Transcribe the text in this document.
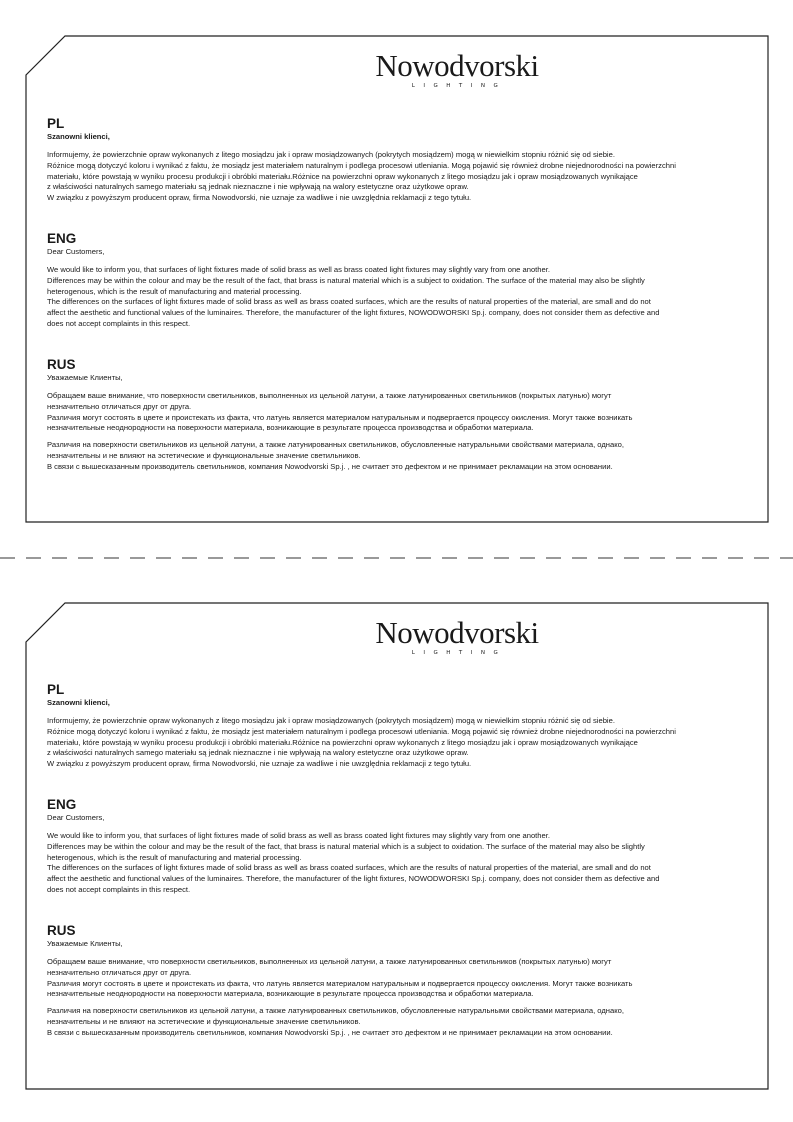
Nowodvorski
LIGHTING
PL
Szanowni klienci,
Informujemy, że powierzchnie opraw wykonanych z litego mosiądzu jak i opraw mosiądzowanych (pokrytych mosiądzem) mogą w niewielkim stopniu różnić się od siebie.
Różnice mogą dotyczyć koloru i wynikać z faktu, że mosiądz jest materiałem naturalnym i podlega procesowi utleniania. Mogą pojawić się również drobne niejednorodności na powierzchni
materiału, które powstają w wyniku procesu produkcji i obróbki materiału.Różnice na powierzchni opraw wykonanych z litego mosiądzu jak i opraw mosiądzowanych wynikające
z właściwości naturalnych samego materiału są jednak nieznaczne i nie wpływają na walory estetyczne oraz użytkowe opraw.
W związku z powyższym producent opraw, firma Nowodvorski, nie uznaje za wadliwe i nie uwzględnia reklamacji z tego tytułu.
ENG
Dear Customers,
We would like to inform you, that surfaces of light fixtures made of solid brass as well as brass coated light fixtures may slightly vary from one another.
Differences may be within the colour and may be the result of the fact, that brass is natural material which is a subject to oxidation. The surface of the material may also be slightly
heterogenous, which is the result of manufacturing and material processing.
The differences on the surfaces of light fixtures made of solid brass as well as brass coated surfaces, which are the results of natural properties of the material, are small and do not
affect the aesthetic and functional values of the luminaires. Therefore, the manufacturer of the light fixtures, NOWODWORSKI Sp.j. company, does not consider them as defective and
does not accept complaints in this respect.
RUS
Уважаемые Клиенты,
Обращаем ваше внимание, что поверхности светильников, выполненных из цельной латуни, а также латунированных светильников (покрытых латунью) могут
незначительно отличаться друг от друга.
Различия могут состоять в цвете и проистекать из факта, что латунь является материалом натуральным и подвергается процессу окисления. Могут также возникать
незначительные неоднородности на поверхности материала, возникающие в результате процесса производства и обработки материала.
Различия на поверхности светильников из цельной латуни, а также латунированных светильников, обусловленные натуральными свойствами материала, однако,
незначительны и не влияют на эстетические и функциональные значение светильников.
В связи с вышесказанным производитель светильников, компания Nowodvorski Sp.j. , не считает это дефектом и не принимает рекламации на этом основании.
Nowodvorski
LIGHTING
PL
Szanowni klienci,
Informujemy, że powierzchnie opraw wykonanych z litego mosiądzu jak i opraw mosiądzowanych (pokrytych mosiądzem) mogą w niewielkim stopniu różnić się od siebie.
Różnice mogą dotyczyć koloru i wynikać z faktu, że mosiądz jest materiałem naturalnym i podlega procesowi utleniania. Mogą pojawić się również drobne niejednorodności na powierzchni
materiału, które powstają w wyniku procesu produkcji i obróbki materiału.Różnice na powierzchni opraw wykonanych z litego mosiądzu jak i opraw mosiądzowanych wynikające
z właściwości naturalnych samego materiału są jednak nieznaczne i nie wpływają na walory estetyczne oraz użytkowe opraw.
W związku z powyższym producent opraw, firma Nowodvorski, nie uznaje za wadliwe i nie uwzględnia reklamacji z tego tytułu.
ENG
Dear Customers,
We would like to inform you, that surfaces of light fixtures made of solid brass as well as brass coated light fixtures may slightly vary from one another.
Differences may be within the colour and may be the result of the fact, that brass is natural material which is a subject to oxidation. The surface of the material may also be slightly
heterogenous, which is the result of manufacturing and material processing.
The differences on the surfaces of light fixtures made of solid brass as well as brass coated surfaces, which are the results of natural properties of the material, are small and do not
affect the aesthetic and functional values of the luminaires. Therefore, the manufacturer of the light fixtures, NOWODWORSKI Sp.j. company, does not consider them as defective and
does not accept complaints in this respect.
RUS
Уважаемые Клиенты,
Обращаем ваше внимание, что поверхности светильников, выполненных из цельной латуни, а также латунированных светильников (покрытых латунью) могут
незначительно отличаться друг от друга.
Различия могут состоять в цвете и проистекать из факта, что латунь является материалом натуральным и подвергается процессу окисления. Могут также возникать
незначительные неоднородности на поверхности материала, возникающие в результате процесса производства и обработки материала.
Различия на поверхности светильников из цельной латуни, а также латунированных светильников, обусловленные натуральными свойствами материала, однако,
незначительны и не влияют на эстетические и функциональные значение светильников.
В связи с вышесказанным производитель светильников, компания Nowodvorski Sp.j. , не считает это дефектом и не принимает рекламации на этом основании.
